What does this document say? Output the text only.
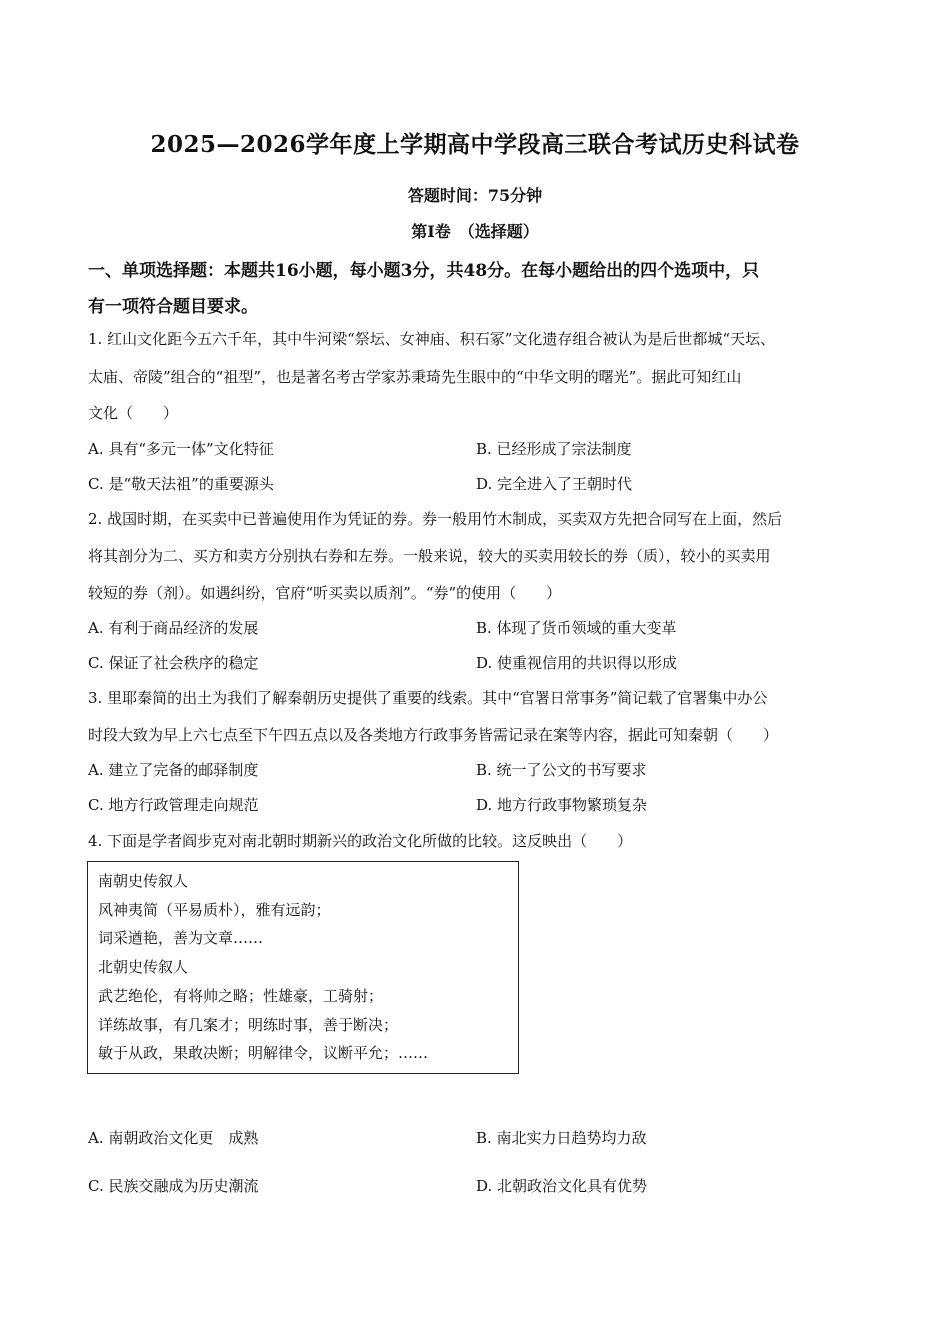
2025—2026学年度上学期高中学段高三联合考试历史科试卷
答题时间：75分钟
第Ⅰ卷　（选择题）
一、单项选择题：本题共16小题，每小题3分，共48分。在每小题给出的四个选项中，只
有一项符合题目要求。
1. 红山文化距今五六千年，其中牛河梁“祭坛、女神庙、积石冢”文化遗存组合被认为是后世都城“天坛、
太庙、帝陵”组合的“祖型”，也是著名考古学家苏秉琦先生眼中的“中华文明的曙光”。据此可知红山
文化（　　）
A. 具有“多元一体”文化特征	B. 已经形成了宗法制度
C. 是“敬天法祖”的重要源头	D. 完全进入了王朝时代
2. 战国时期，在买卖中已普遍使用作为凭证的券。券一般用竹木制成，买卖双方先把合同写在上面，然后
将其剖分为二、买方和卖方分别执右券和左券。一般来说，较大的买卖用较长的券（质），较小的买卖用
较短的券（剂）。如遇纠纷，官府“听买卖以质剂”。“券”的使用（　　）
A. 有利于商品经济的发展	B. 体现了货币领域的重大变革
C. 保证了社会秩序的稳定	D. 使重视信用的共识得以形成
3. 里耶秦简的出土为我们了解秦朝历史提供了重要的线索。其中“官署日常事务”简记载了官署集中办公
时段大致为早上六七点至下午四五点以及各类地方行政事务皆需记录在案等内容，据此可知秦朝（　　）
A. 建立了完备的邮驿制度	B. 统一了公文的书写要求
C. 地方行政管理走向规范	D. 地方行政事物繁琐复杂
4. 下面是学者阎步克对南北朝时期新兴的政治文化所做的比较。这反映出（　　）
南朝史传叙人
风神夷简（平易质朴），雅有远韵；
词采遒艳，善为文章……
北朝史传叙人
武艺绝伦，有将帅之略；性雄豪，工骑射；
详练故事，有几案才；明练时事，善于断决；
敏于从政，果敢决断；明解律令，议断平允；……
A. 南朝政治文化更　成熟	B. 南北实力日趋势均力敌
C. 民族交融成为历史潮流	D. 北朝政治文化具有优势
